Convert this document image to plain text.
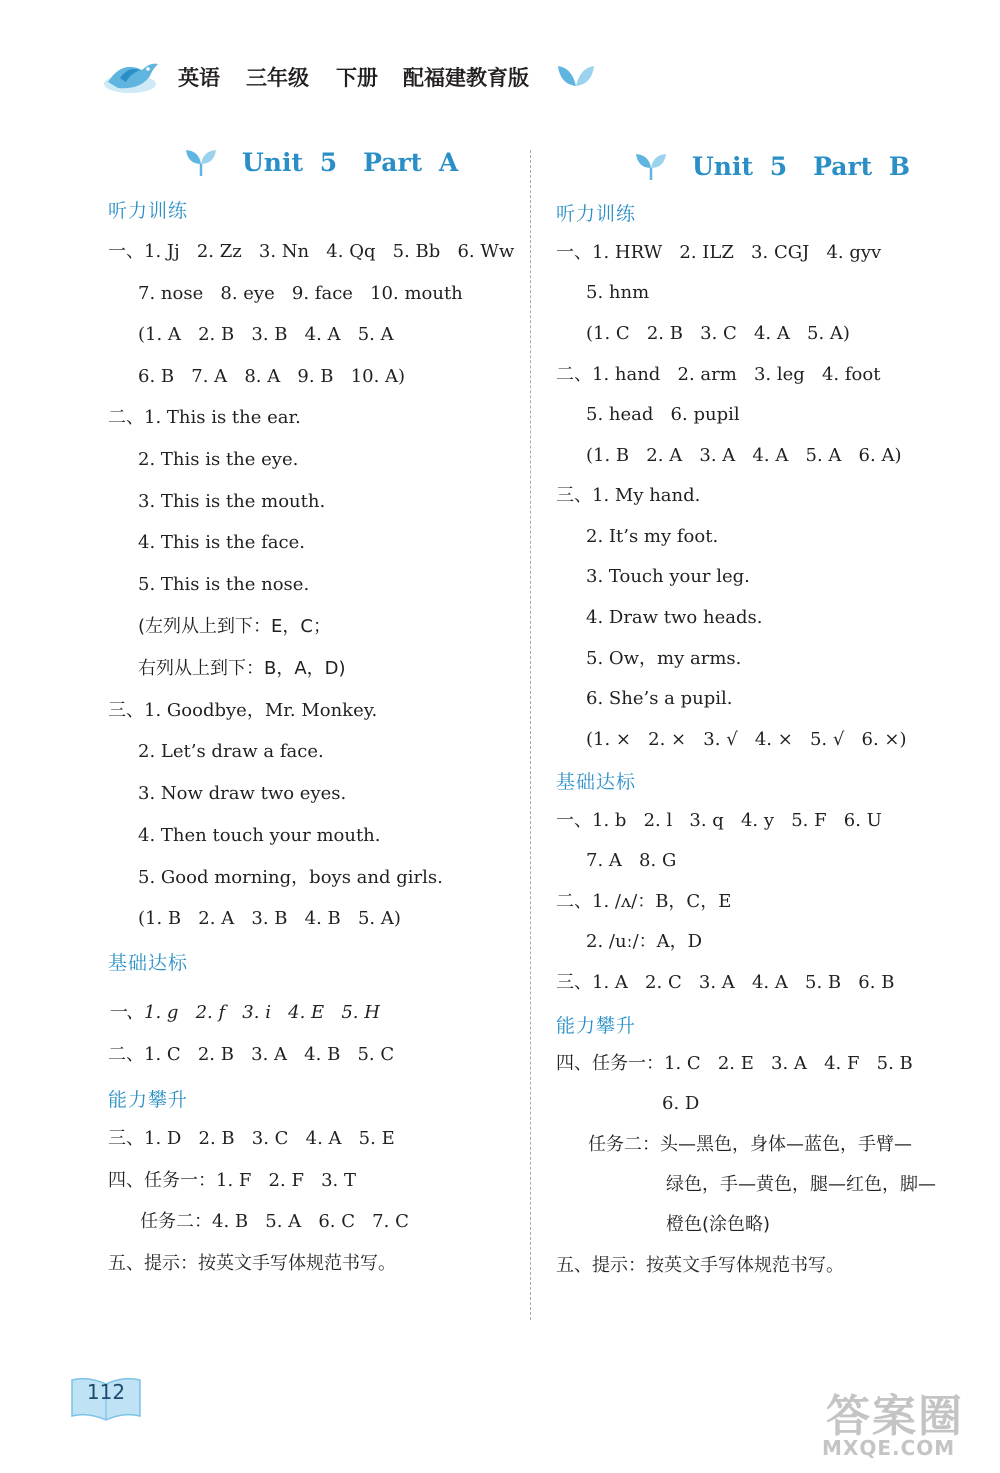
英语 三年级 下册 配福建教育版
Unit 5 Part A
听力训练
一、1. Jj   2. Zz   3. Nn   4. Qq   5. Bb   6. Ww
7. nose   8. eye   9. face   10. mouth
(1. A   2. B   3. B   4. A   5. A
6. B   7. A   8. A   9. B   10. A)
二、1. This is the ear.
2. This is the eye.
3. This is the mouth.
4. This is the face.
5. This is the nose.
(左列从上到下：E，C；
右列从上到下：B，A，D)
三、1. Goodbye，Mr. Monkey.
2. Let’s draw a face.
3. Now draw two eyes.
4. Then touch your mouth.
5. Good morning，boys and girls.
(1. B   2. A   3. B   4. B   5. A)
基础达标
一、1. g   2. f   3. i   4. E   5. H
二、1. C   2. B   3. A   4. B   5. C
能力攀升
三、1. D   2. B   3. C   4. A   5. E
四、任务一：1. F   2. F   3. T
任务二：4. B   5. A   6. C   7. C
五、提示：按英文手写体规范书写。
Unit 5 Part B
听力训练
一、1. HRW   2. ILZ   3. CGJ   4. gyv
5. hnm
(1. C   2. B   3. C   4. A   5. A)
二、1. hand   2. arm   3. leg   4. foot
5. head   6. pupil
(1. B   2. A   3. A   4. A   5. A   6. A)
三、1. My hand.
2. It’s my foot.
3. Touch your leg.
4. Draw two heads.
5. Ow，my arms.
6. She’s a pupil.
(1. ×   2. ×   3. √   4. ×   5. √   6. ×)
基础达标
一、1. b   2. l   3. q   4. y   5. F   6. U
7. A   8. G
二、1. /ʌ/：B，C，E
2. /uː/：A，D
三、1. A   2. C   3. A   4. A   5. B   6. B
能力攀升
四、任务一：1. C   2. E   3. A   4. F   5. B
6. D
任务二：头—黑色，身体—蓝色，手臂—
绿色，手—黄色，腿—红色，脚—
橙色(涂色略)
五、提示：按英文手写体规范书写。
112	答案圈
MXQE.COM
